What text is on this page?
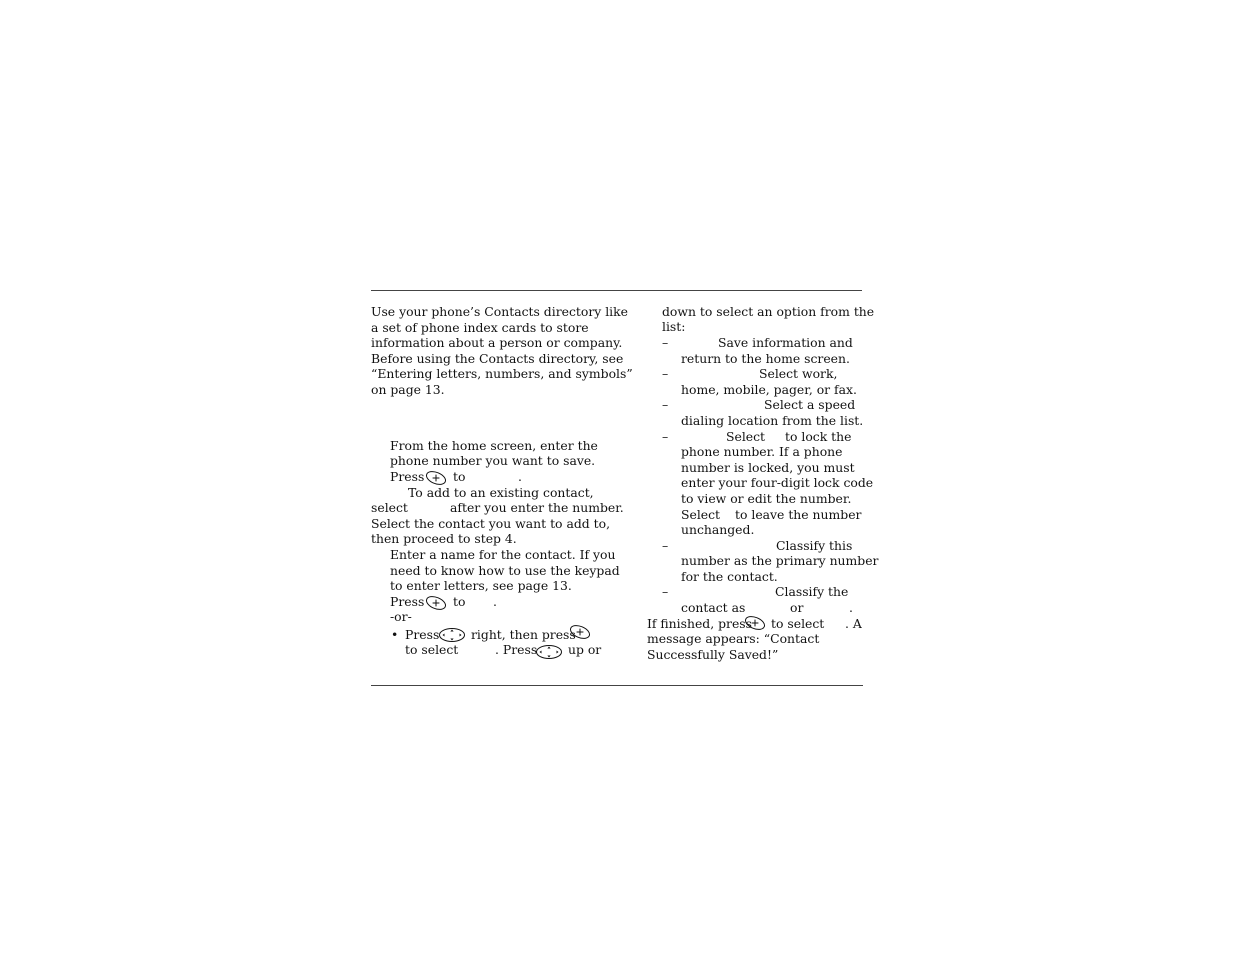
Use your phone’s Contacts directory like
a set of phone index cards to store
information about a person or company.
Before using the Contacts directory, see
“Entering letters, numbers, and symbols”
on page 13.
From the home screen, enter the
phone number you want to save.
Press to	.
To add to an existing contact,
select	after you enter the number.
Select the contact you want to add to,
then proceed to step 4.
Enter a name for the contact. If you
need to know how to use the keypad
to enter letters, see page 13.
Press to .
-or-
• Press	right, then press
to select	. Press up or
down to select an option from the
list:
–	Save information and
return to the home screen.
–	Select work,
home, mobile, pager, or fax.
–	Select a speed
dialing location from the list.
–	Select to lock the
phone number. If a phone
number is locked, you must
enter your four-digit lock code
to view or edit the number.
Select to leave the number
unchanged.
–	Classify this
number as the primary number
for the contact.
–	Classify the
contact as	or	.
If finished, press to select . A
message appears: “Contact
Successfully Saved!”
